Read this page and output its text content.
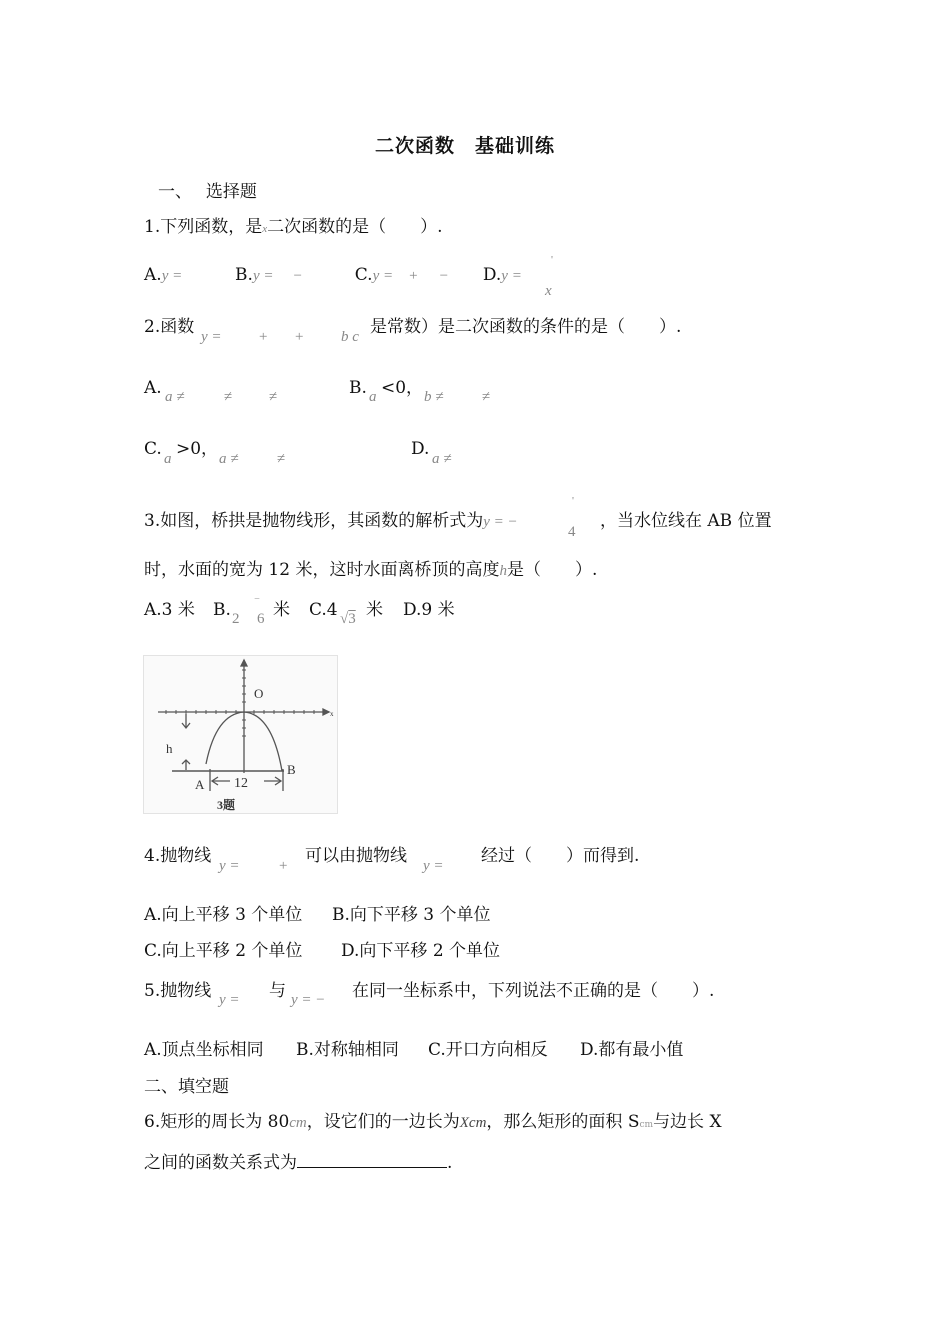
二次函数　基础训练
一、　 选择题
1.下列函数，是x二次函数的是（　　）.
A.y =	B.y = −	C.y = + − D.y =
'
x
2.函数 y = + +	b c 是常数）是二次函数的条件的是（　　）.
A. a ≠	≠ ≠	B. a <0， b ≠	≠
C. a >0， a ≠	≠	D. a ≠
3.如图，桥拱是抛物线形，其函数的解析式为y = −
'
4
，当水位线在 AB 位置
时，水面的宽为 12 米，这时水面离桥顶的高度h是（　　）.
A.3 米 B. 2
‾
6 米 C.4 √3 米 D.9 米
O
x
h
A
B
12
3题
4.抛物线 y =	+ 可以由抛物线 y = 经过（　　）而得到.
A.向上平移 3 个单位 B.向下平移 3 个单位
C.向上平移 2 个单位 D.向下平移 2 个单位
5.抛物线 y = 与 y = − 在同一坐标系中，下列说法不正确的是（　　）.
A.顶点坐标相同 B.对称轴相同 C.开口方向相反 D.都有最小值
二、填空题
6.矩形的周长为 80cm，设它们的一边长为Xcm，那么矩形的面积 Scm与边长 X
之间的函数关系式为	.
